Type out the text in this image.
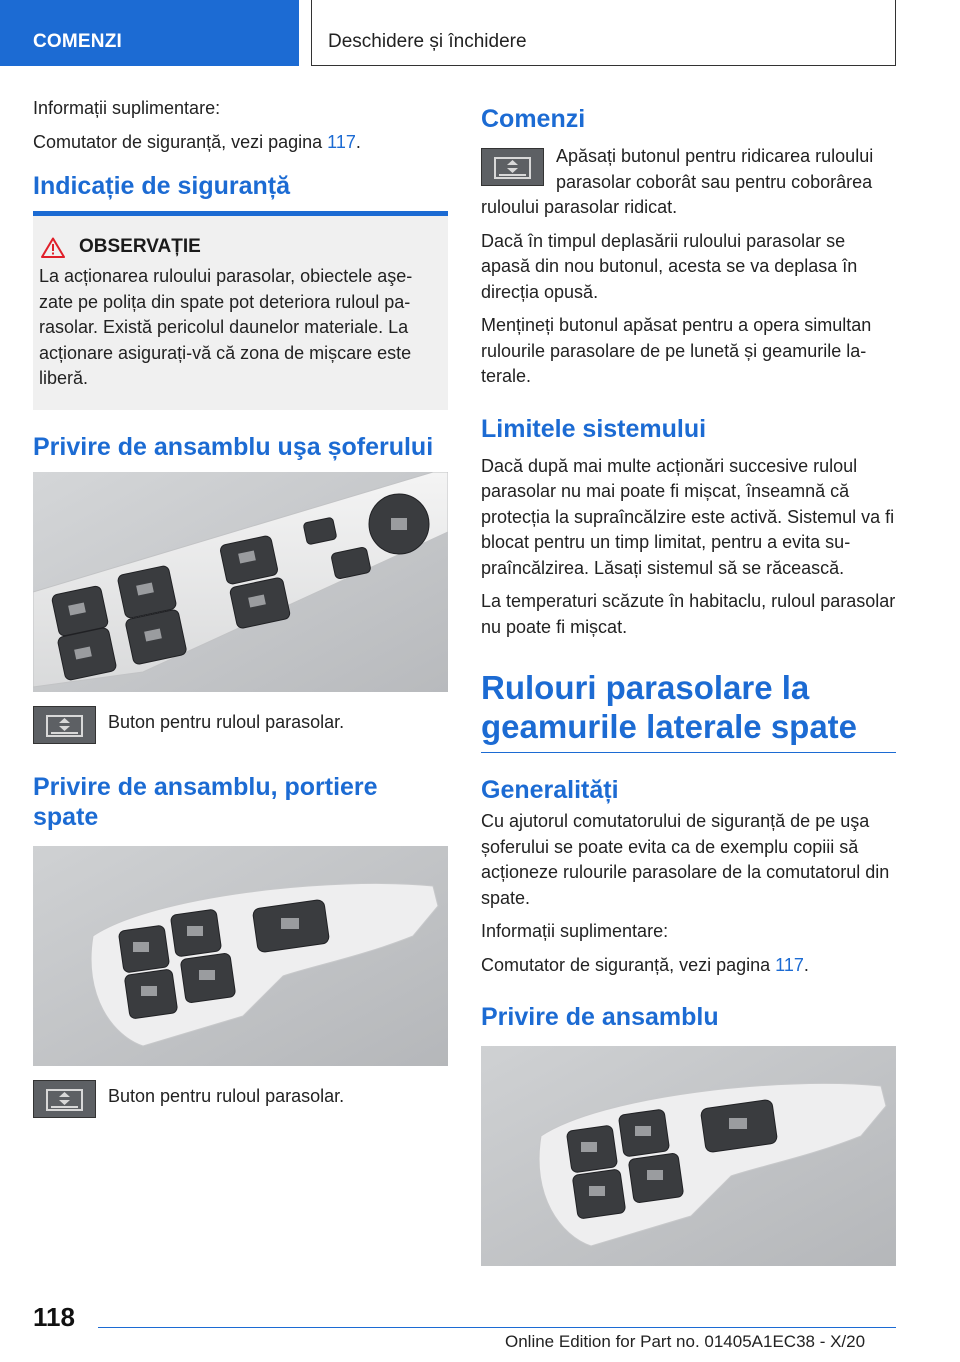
COMENZI	Deschidere și închidere

Informații suplimentare:

Comutator de siguranță, vezi pagina 117.

Indicație de siguranță
OBSERVAȚIE

La acționarea ruloului parasolar, obiectele aşezate pe polița din spate pot deteriora ruloul parasolar. Există pericolul daunelor materiale. La acționare asigurați-vă că zona de mișcare este liberă.

Privire de ansamblu uşa șoferului

Buton pentru ruloul parasolar.

Privire de ansamblu, portiere spate

Buton pentru ruloul parasolar.

Comenzi

Apăsați butonul pentru ridicarea ruloului parasolar coborât sau pentru coborârea ruloului parasolar ridicat.

Dacă în timpul deplasării ruloului parasolar se apasă din nou butonul, acesta se va deplasa în direcția opusă.

Mențineți butonul apăsat pentru a opera simultan rulourile parasolare de pe lunetă și geamurile laterale.

Limitele sistemului

Dacă după mai multe acționări succesive ruloul parasolar nu mai poate fi mișcat, înseamnă că protecția la supraîncălzire este activă. Sistemul va fi blocat pentru un timp limitat, pentru a evita supraîncălzirea. Lăsați sistemul să se răcească.

La temperaturi scăzute în habitaclu, ruloul parasolar nu poate fi mișcat.

Rulouri parasolare la geamurile laterale spate
Generalități

Cu ajutorul comutatorului de siguranță de pe uşa șoferului se poate evita ca de exemplu copiii să acționeze rulourile parasolare de la comutatorul din spate.

Informații suplimentare:

Comutator de siguranță, vezi pagina 117.

Privire de ansamblu
118
Online Edition for Part no. 01405A1EC38 - X/20
